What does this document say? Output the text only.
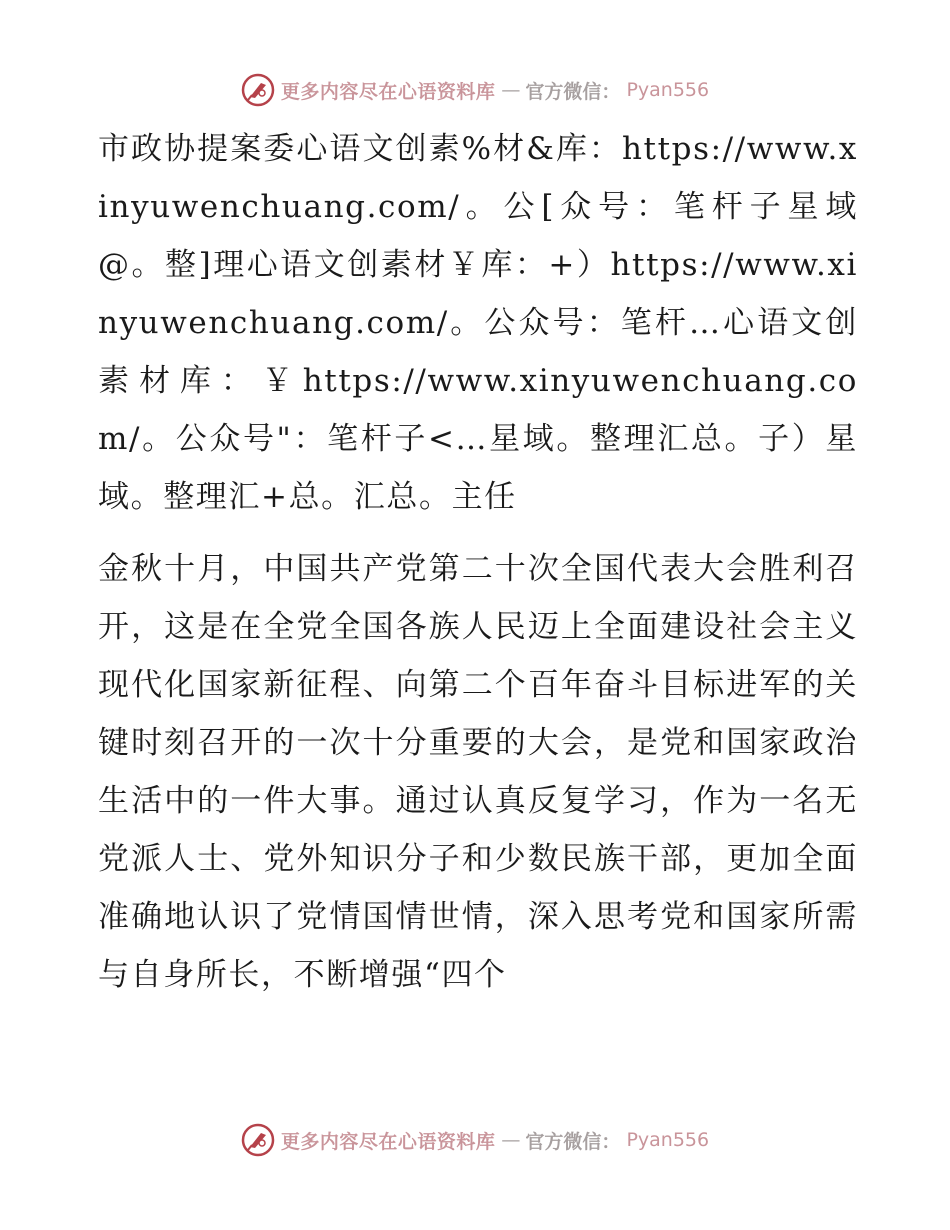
更多内容尽在心语资料库 — 官方微信： Pyan556

市政协提案委心语文创素%材&库：https://www.xinyuwenchuang.com/。公[众号：笔杆子星域@。整]理心语文创素材￥库：+）https://www.xinyuwenchuang.com/。公众号：笔杆…心语文创素材库：￥https://www.xinyuwenchuang.com/。公众号"：笔杆子<…星域。整理汇总。子）星域。整理汇+总。汇总。主任

金秋十月，中国共产党第二十次全国代表大会胜利召开，这是在全党全国各族人民迈上全面建设社会主义现代化国家新征程、向第二个百年奋斗目标进军的关键时刻召开的一次十分重要的大会，是党和国家政治生活中的一件大事。通过认真反复学习，作为一名无党派人士、党外知识分子和少数民族干部，更加全面准确地认识了党情国情世情，深入思考党和国家所需与自身所长，不断增强“四个

更多内容尽在心语资料库 — 官方微信： Pyan556
